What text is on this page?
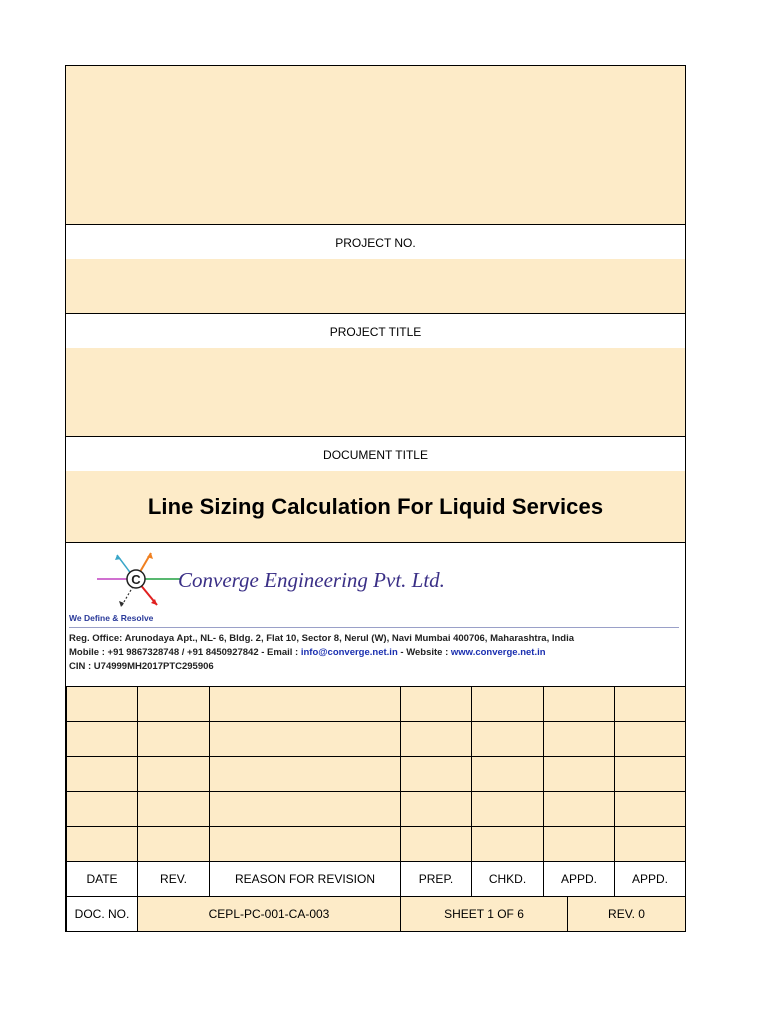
PROJECT NO.
PROJECT TITLE
DOCUMENT TITLE
Line Sizing Calculation For Liquid Services
C Converge Engineering Pvt. Ltd.
We Define & Resolve
Reg. Office: Arunodaya Apt., NL- 6, Bldg. 2, Flat 10, Sector 8, Nerul (W), Navi Mumbai 400706, Maharashtra, India
Mobile : +91 9867328748 / +91 8450927842 - Email : info@converge.net.in - Website : www.converge.net.in
CIN : U74999MH2017PTC295906

DATE	REV.	REASON FOR REVISION	PREP.	CHKD.	APPD.	APPD.
DOC. NO.	CEPL-PC-001-CA-003	SHEET 1 OF 6	REV. 0
